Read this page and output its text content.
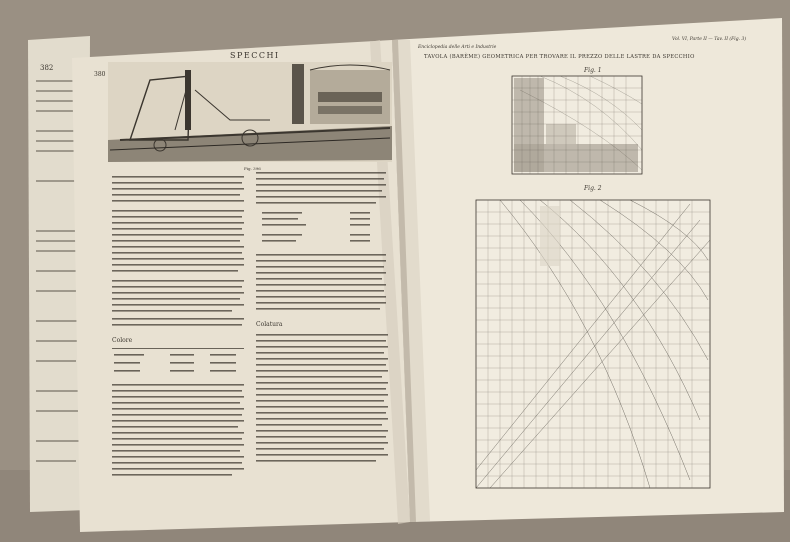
382
SPECCHI
380
Fig. 396
Colore
Colatura
Enciclopedia delle Arti e Industrie
Vol. VI, Parte II — Tav. II (Fig. 3)
TAVOLA (BARÈME) GEOMETRICA PER TROVARE IL PREZZO DELLE LASTRE DA SPECCHIO
Fig. 1
Fig. 2
